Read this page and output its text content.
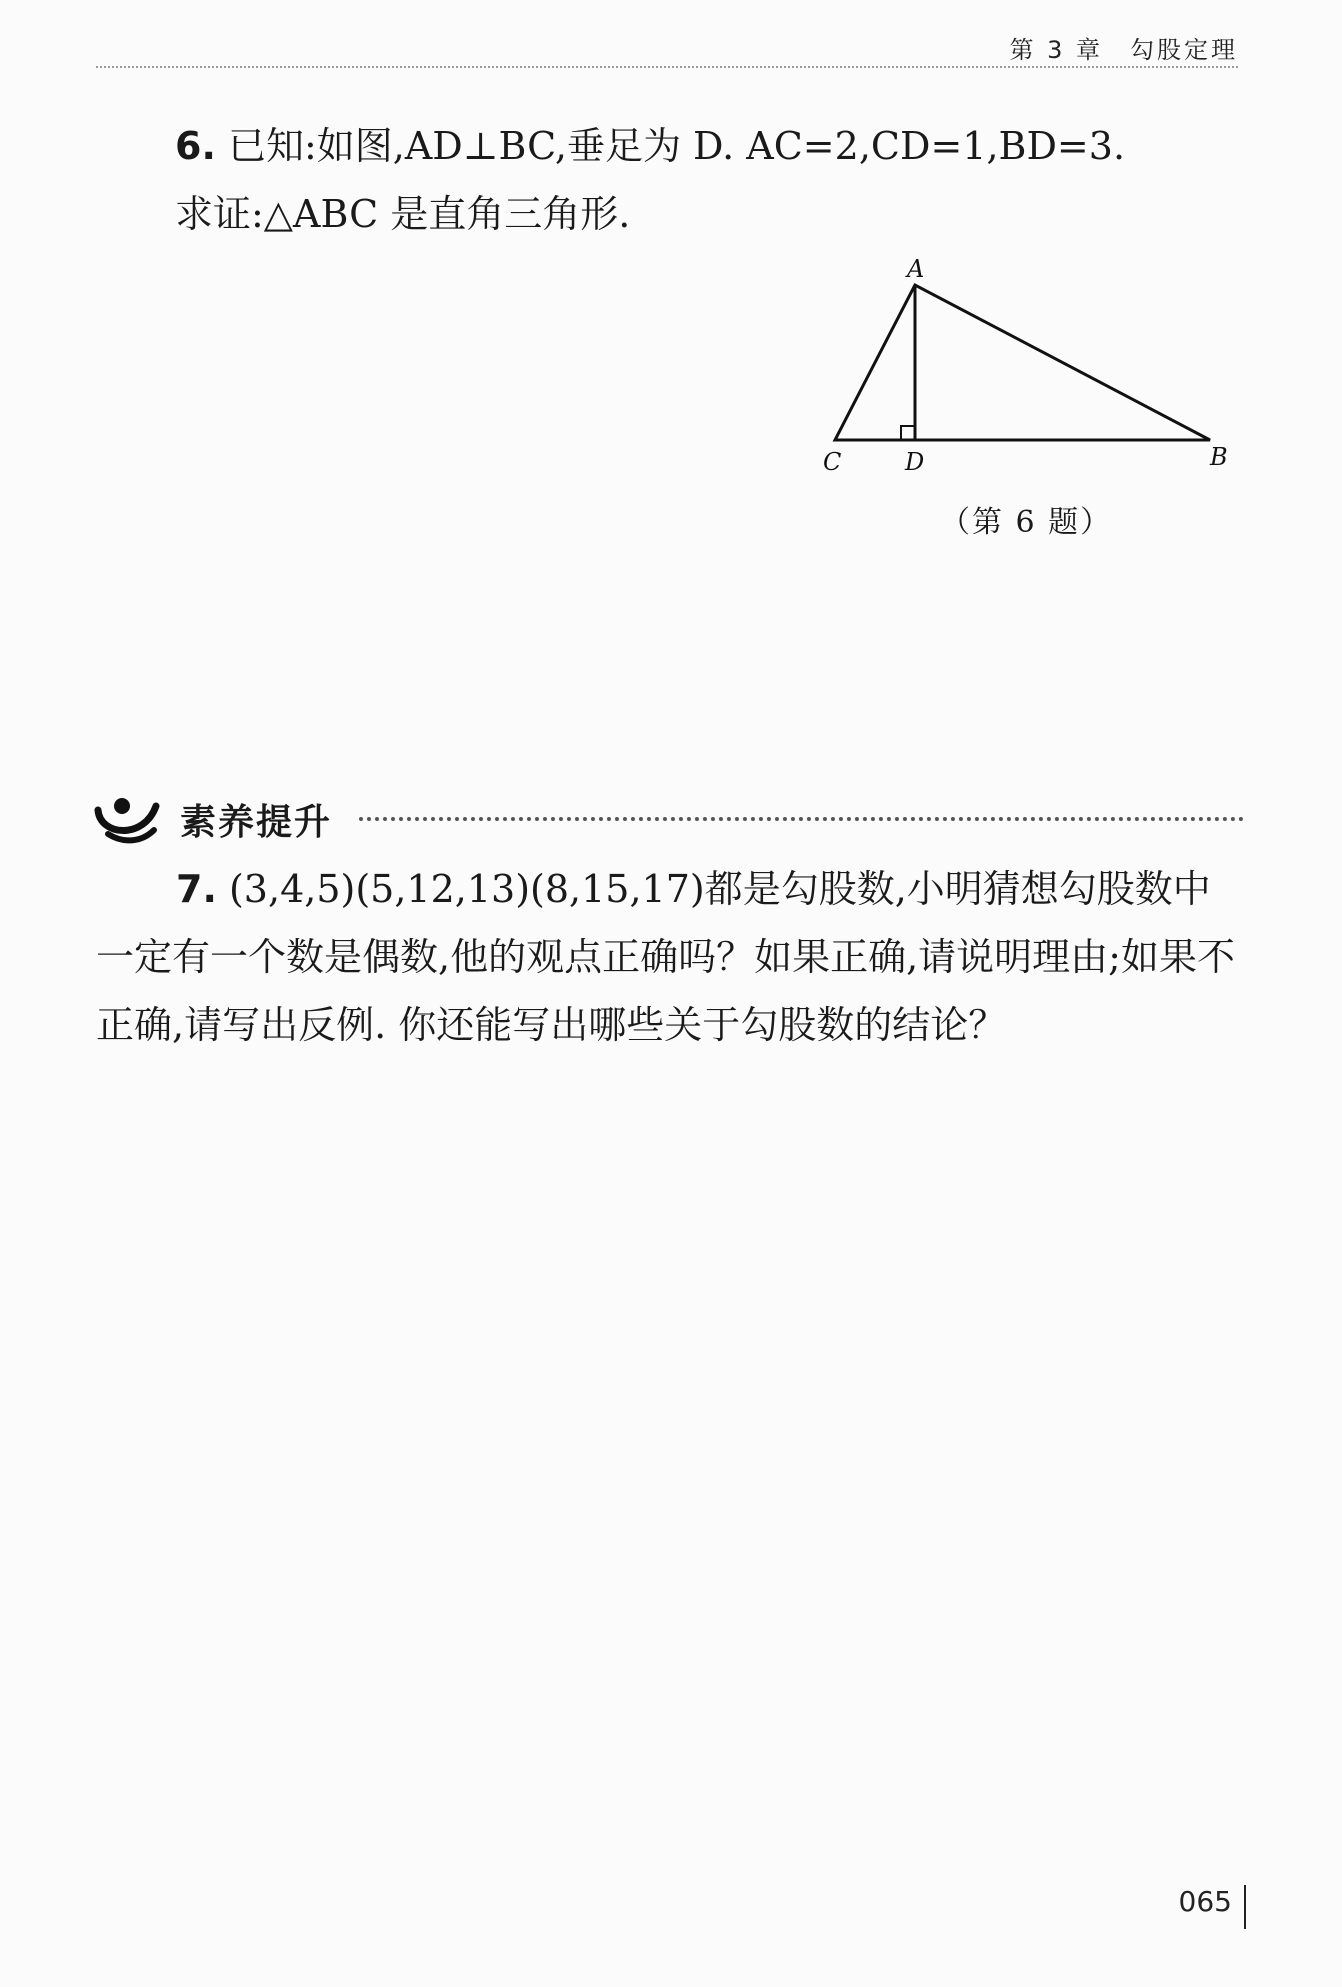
第 3 章　勾股定理
6. 已知:如图,AD⊥BC,垂足为 D. AC=2,CD=1,BD=3.
求证:△ABC 是直角三角形.
A
C	D	B
（第 6 题）
素养提升

7. (3,4,5)(5,12,13)(8,15,17)都是勾股数,小明猜想勾股数中一定有一个数是偶数,他的观点正确吗？如果正确,请说明理由;如果不正确,请写出反例. 你还能写出哪些关于勾股数的结论？

065
